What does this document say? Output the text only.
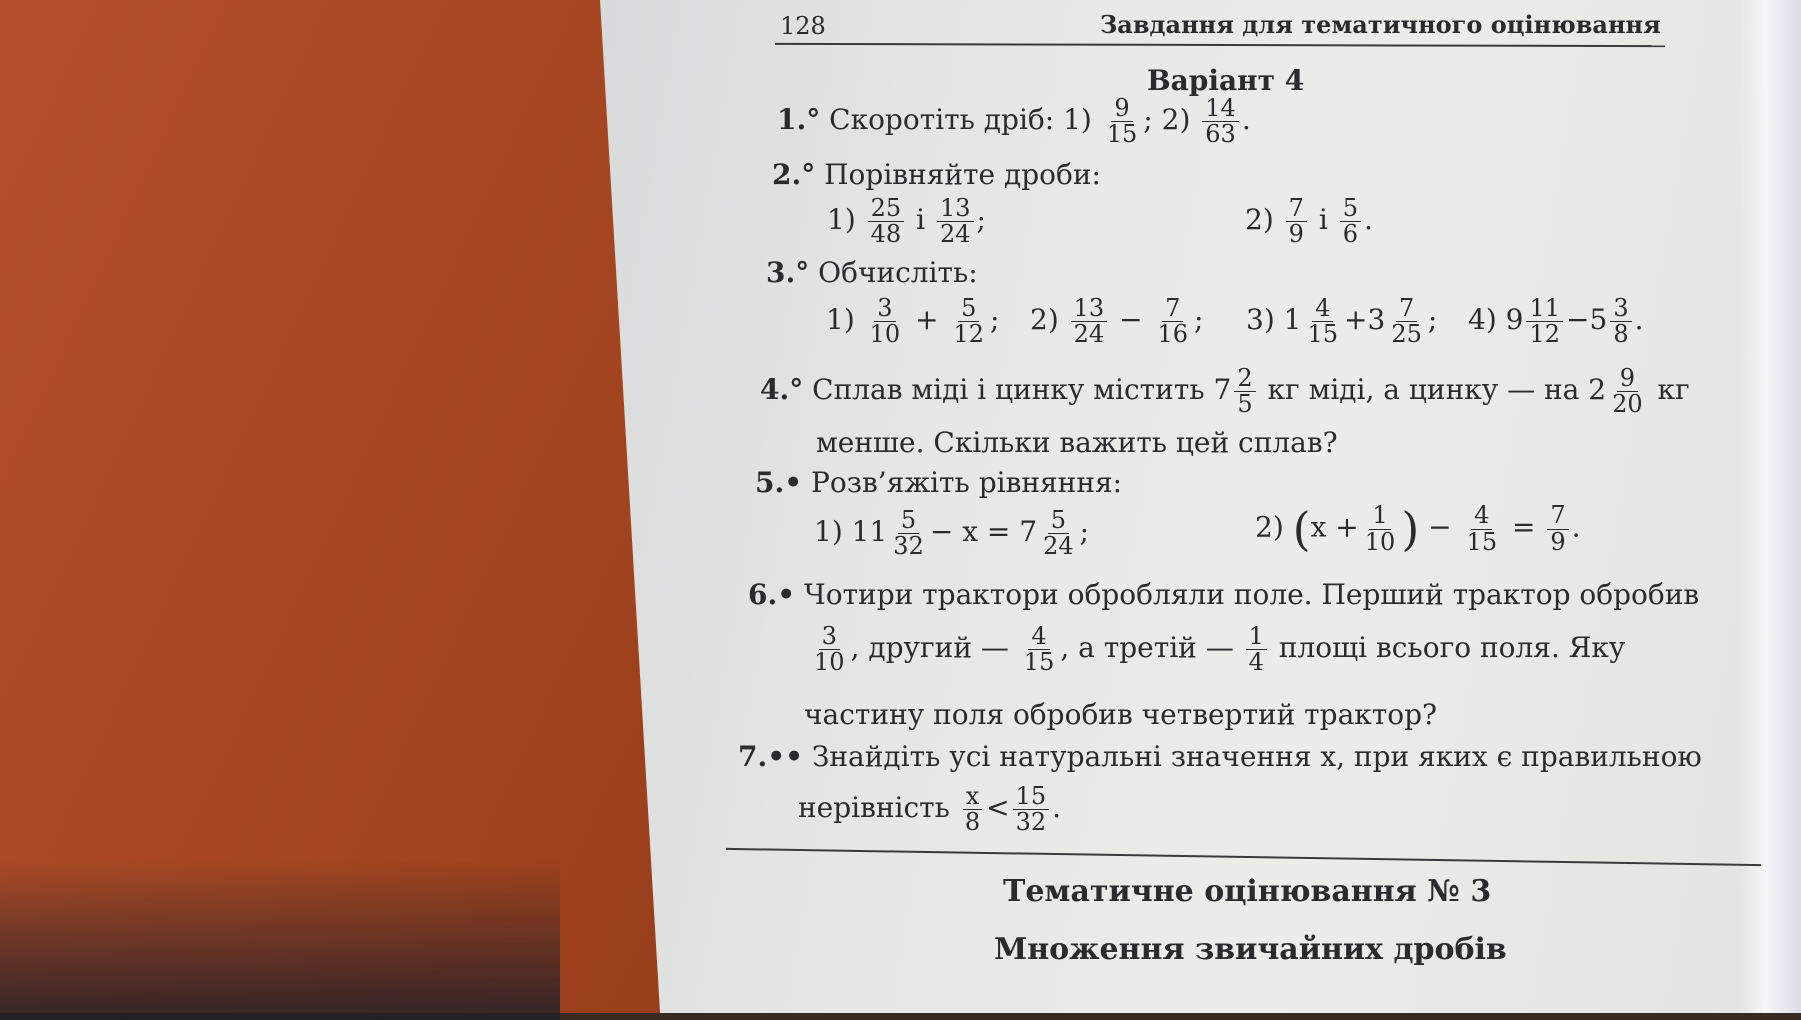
128	Завдання для тематичного оцінювання
Варіант 4
1.° Скоротіть дріб: $1) \frac{9}{15}$ ; $2) \frac{14}{63}$ .
2.° Порівняйте дроби:
$1) \frac{25}{48}$ і $\frac{13}{24}$ ;	$2) \frac{7}{9}$ і $\frac{5}{6}$ .
3.° Обчисліть:
$1) \frac{3}{10} + \frac{5}{12}$ ; $2) \frac{13}{24} - \frac{7}{16}$ ; 3) $1 \frac{4}{15} +3 \frac{7}{25}$ ; 4) $9 \frac{11}{12} -5 \frac{3}{8}$ .
4.° Сплав міді і цинку містить $7 \frac{2}{5}$ кг міді, а цинку — на $2 \frac{9}{20}$ кг
менше. Скільки важить цей сплав?
5.• Розв’яжіть рівняння:
1) $11 \frac{5}{32} - x = 7 \frac{5}{24}$ ;	2) ($x + \frac{1}{10}$ ) − $\frac{4}{15} = \frac{7}{9}$ .
6.• Чотири трактори обробляли поле. Перший трактор обробив
$\frac{3}{10}$ , другий — $\frac{4}{15}$ , а третій — $\frac{1}{4}$ площі всього поля. Яку
частину поля обробив четвертий трактор?
7.•• Знайдіть усі натуральні значення x, при яких є правильною
нерівність $\frac{x}{8} < \frac{15}{32}$ .
Тематичне оцінювання № 3
Множення звичайних дробів
